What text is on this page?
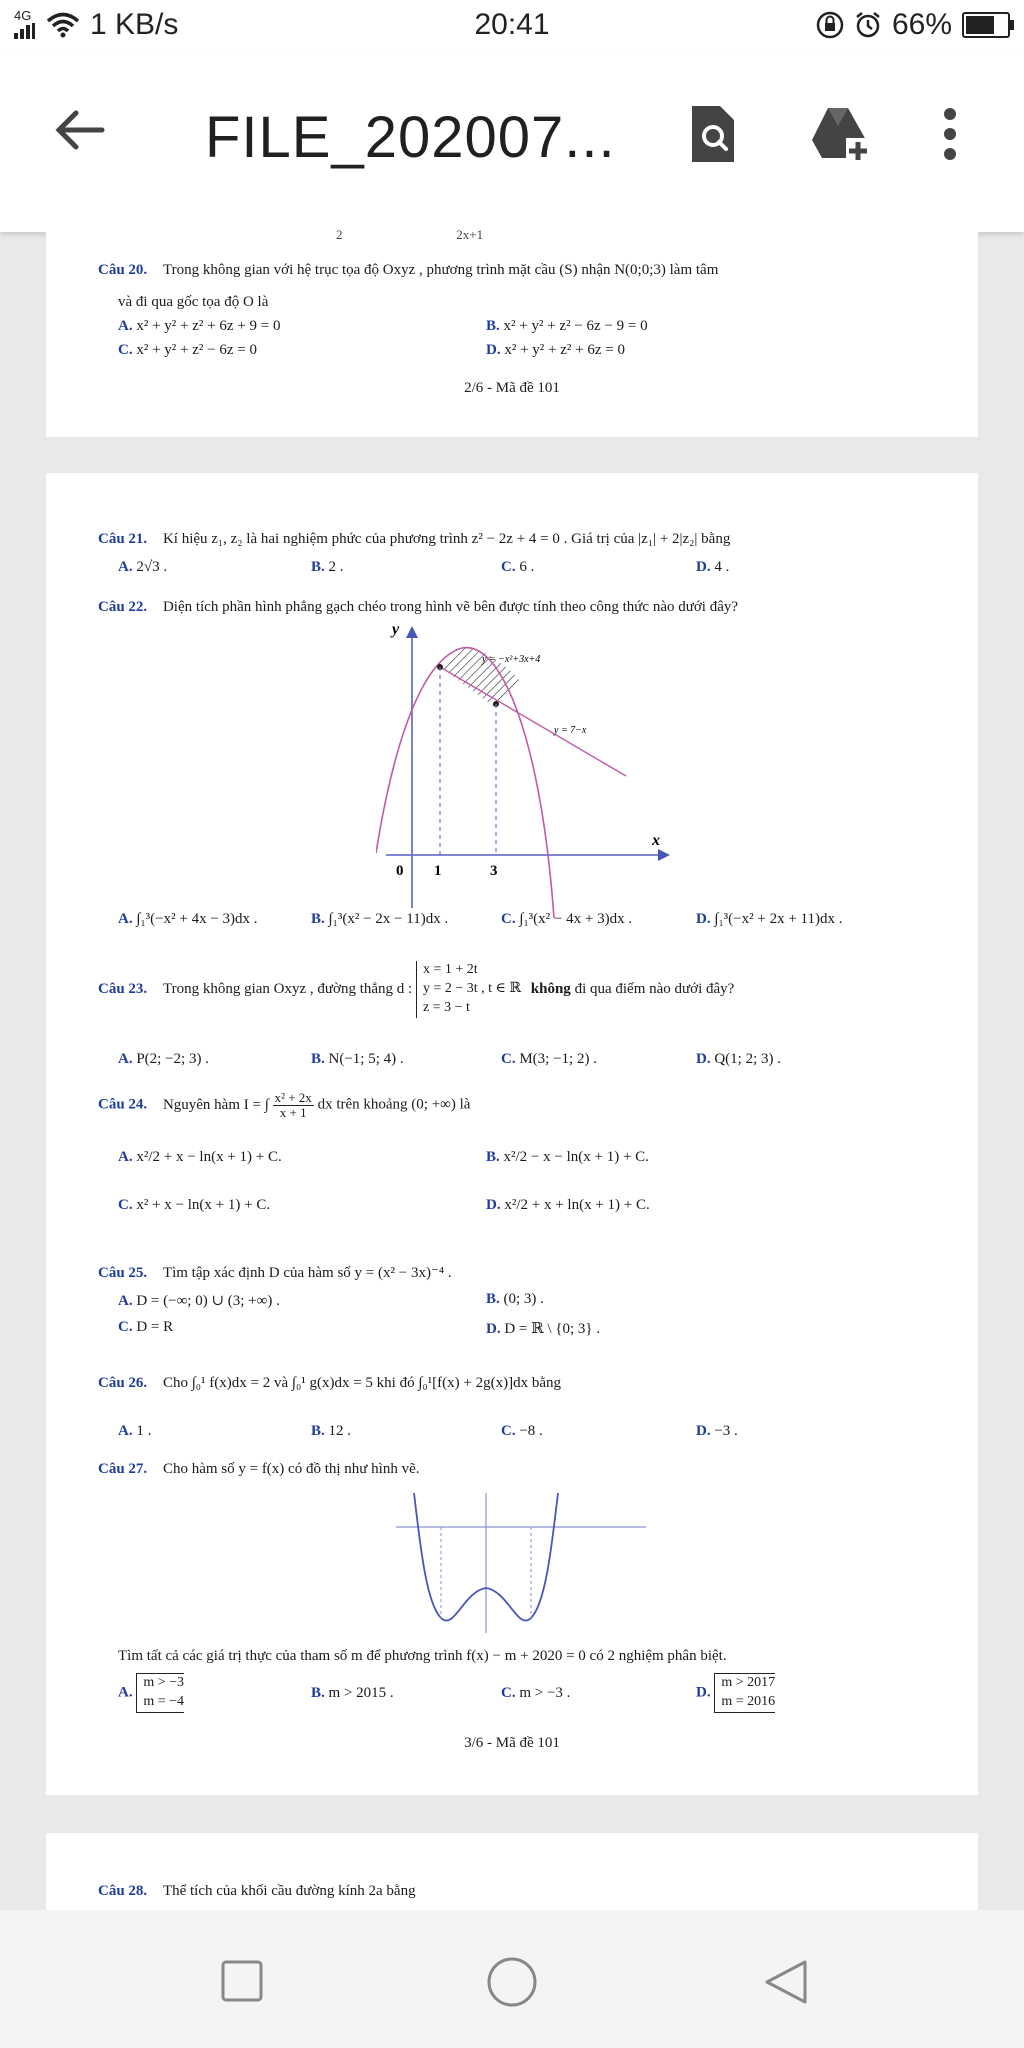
4G 1 KB/s	20:41	66%
FILE_202007...
2                                   2x+1
Câu 20. Trong không gian với hệ trục tọa độ Oxyz , phương trình mặt cầu (S) nhận N(0;0;3) làm tâm
và đi qua gốc tọa độ O là
A. x² + y² + z² + 6z + 9 = 0	B. x² + y² + z² − 6z − 9 = 0
C. x² + y² + z² − 6z = 0	D. x² + y² + z² + 6z = 0
2/6 - Mã đề 101
Câu 21. Kí hiệu z₁, z₂ là hai nghiệm phức của phương trình z² − 2z + 4 = 0 . Giá trị của |z₁| + 2|z₂| bằng
A. 2√3 .	B. 2 .	C. 6 .	D. 4 .
Câu 22. Diện tích phần hình phẳng gạch chéo trong hình vẽ bên được tính theo công thức nào dưới đây?
y
x
0 1	3
y = −x²+3x+4
y = 7−x
A. ∫₁³(−x² + 4x − 3)dx .	B. ∫₁³(x² − 2x − 11)dx .	C. ∫₁³(x² − 4x + 3)dx .	D. ∫₁³(−x² + 2x + 11)dx .
Câu 23. Trong không gian Oxyz , đường thẳng d :
x = 1 + 2t
y = 2 − 3t , t ∈ ℝ
z = 3 − t
không đi qua điểm nào dưới đây?
A. P(2; −2; 3) .	B. N(−1; 5; 4) .	C. M(3; −1; 2) .	D. Q(1; 2; 3) .
Câu 24. Nguyên hàm I = ∫ $\frac{\text{x² + 2x}}{x + 1}$ dx trên khoảng (0; +∞) là
A. x²/2 + x − ln(x + 1) + C.	B. x²/2 − x − ln(x + 1) + C.
C. x² + x − ln(x + 1) + C.	D. x²/2 + x + ln(x + 1) + C.
Câu 25. Tìm tập xác định D của hàm số y = (x² − 3x)⁻⁴ .
A. D = (−∞; 0) ∪ (3; +∞) .	B. (0; 3) .
C. D = R	D. D = ℝ \ {0; 3} .
Câu 26. Cho ∫₀¹ f(x)dx = 2 và ∫₀¹ g(x)dx = 5 khi đó ∫₀¹[f(x) + 2g(x)]dx bằng
A. 1 .	B. 12 .	C. −8 .	D. −3 .
Câu 27. Cho hàm số y = f(x) có đồ thị như hình vẽ.
Tìm tất cả các giá trị thực của tham số m để phương trình f(x) − m + 2020 = 0 có 2 nghiệm phân biệt.
A.
m > −3
m = −4
B. m > 2015 .	C. m > −3 .	D.
m > 2017
m = 2016
3/6 - Mã đề 101
Câu 28. Thể tích của khối cầu đường kính 2a bằng
